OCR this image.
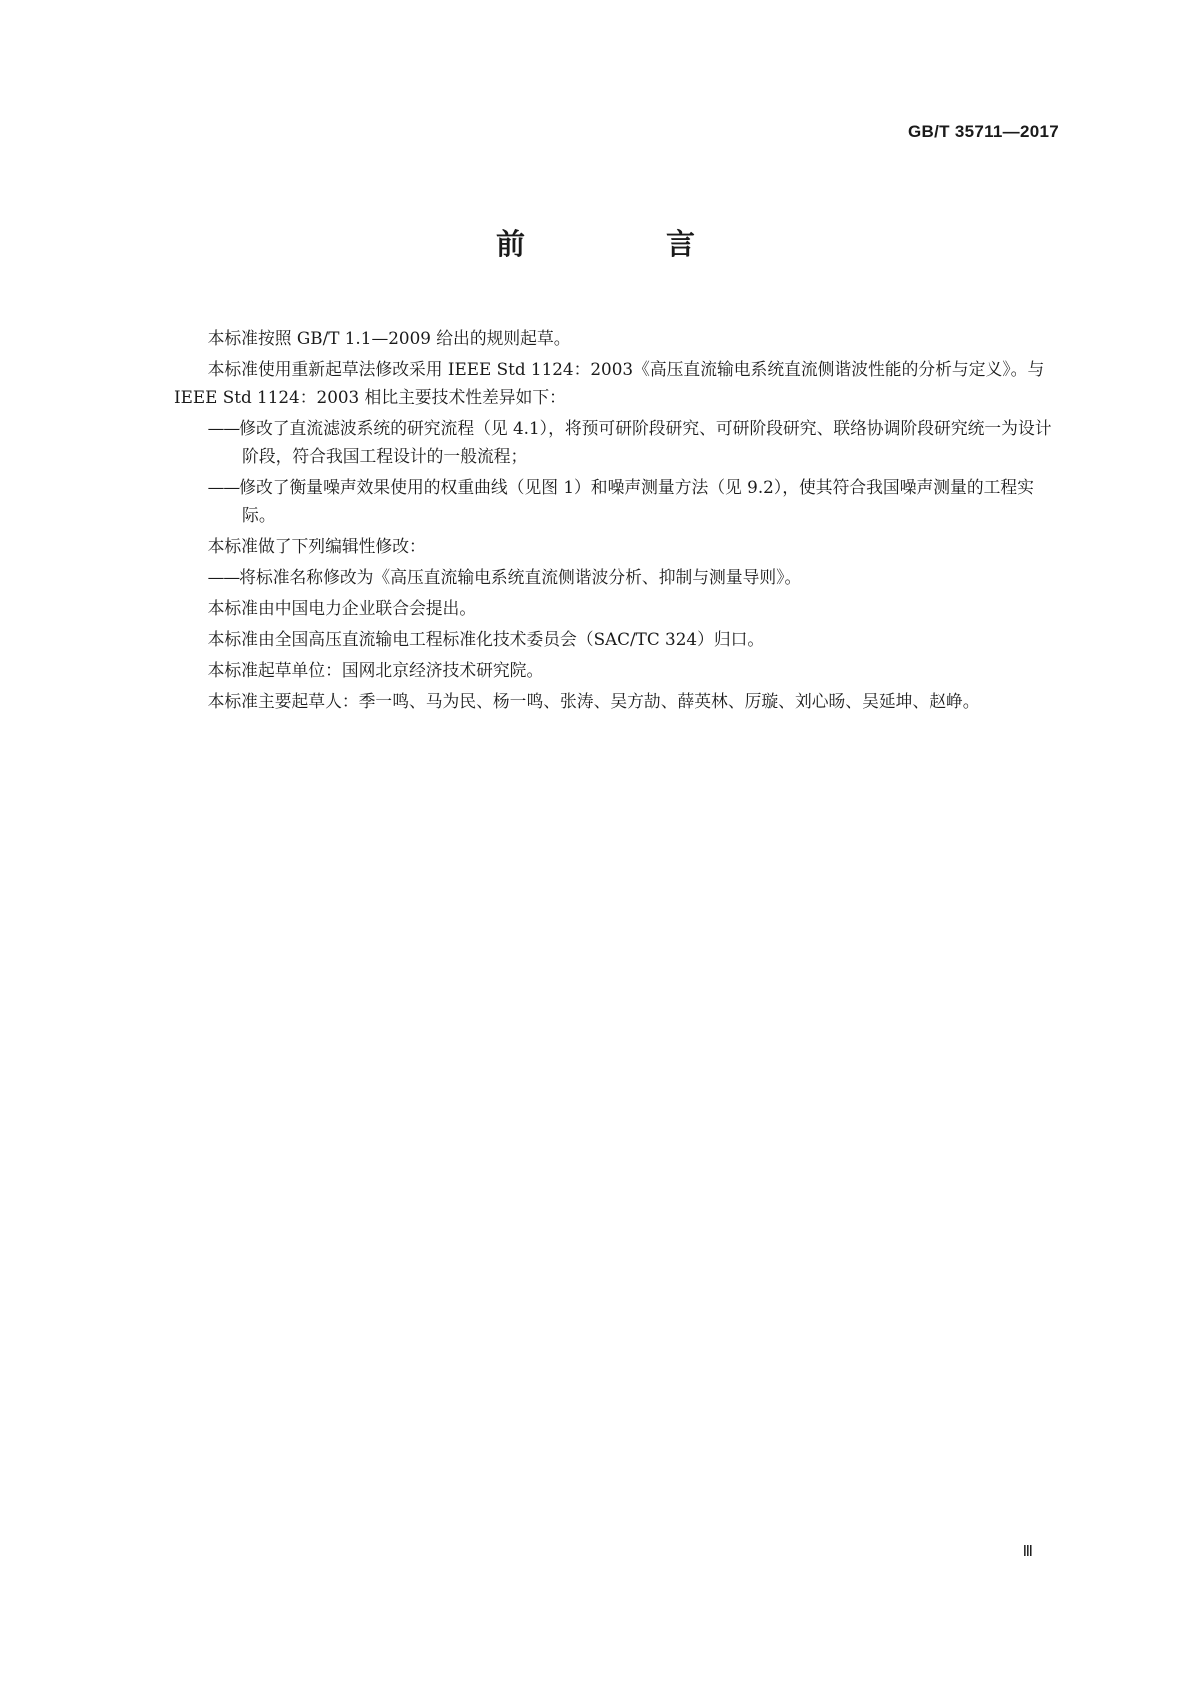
GB/T 35711—2017
前　言

本标准按照 GB/T 1.1—2009 给出的规则起草。

本标准使用重新起草法修改采用 IEEE Std 1124：2003《高压直流输电系统直流侧谐波性能的分析与定义》。与 IEEE Std 1124：2003 相比主要技术性差异如下：

——修改了直流滤波系统的研究流程（见 4.1），将预可研阶段研究、可研阶段研究、联络协调阶段研究统一为设计阶段，符合我国工程设计的一般流程；

——修改了衡量噪声效果使用的权重曲线（见图 1）和噪声测量方法（见 9.2），使其符合我国噪声测量的工程实际。

本标准做了下列编辑性修改：

——将标准名称修改为《高压直流输电系统直流侧谐波分析、抑制与测量导则》。

本标准由中国电力企业联合会提出。

本标准由全国高压直流输电工程标准化技术委员会（SAC/TC 324）归口。

本标准起草单位：国网北京经济技术研究院。

本标准主要起草人：季一鸣、马为民、杨一鸣、张涛、吴方劼、薛英林、厉璇、刘心旸、吴延坤、赵峥。

Ⅲ
